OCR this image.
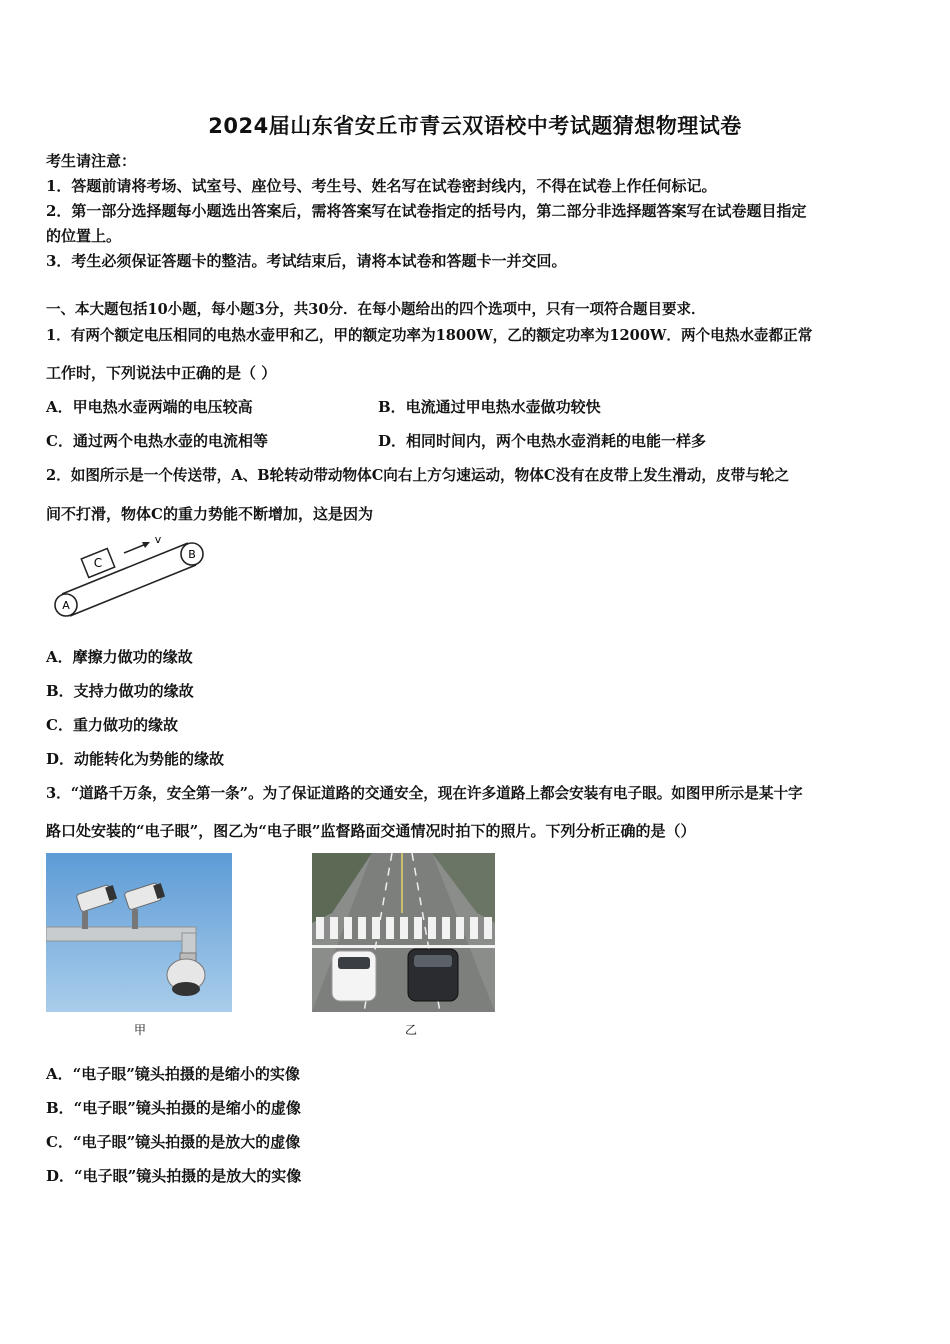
2024届山东省安丘市青云双语校中考试题猜想物理试卷
考生请注意：
1．答题前请将考场、试室号、座位号、考生号、姓名写在试卷密封线内，不得在试卷上作任何标记。
2．第一部分选择题每小题选出答案后，需将答案写在试卷指定的括号内，第二部分非选择题答案写在试卷题目指定
的位置上。
3．考生必须保证答题卡的整洁。考试结束后，请将本试卷和答题卡一并交回。
一、本大题包括10小题，每小题3分，共30分．在每小题给出的四个选项中，只有一项符合题目要求．
1．有两个额定电压相同的电热水壶甲和乙，甲的额定功率为1800W，乙的额定功率为1200W．两个电热水壶都正常
工作时，下列说法中正确的是（ ）
A．甲电热水壶两端的电压较高	B．电流通过甲电热水壶做功较快
C．通过两个电热水壶的电流相等	D．相同时间内，两个电热水壶消耗的电能一样多
2．如图所示是一个传送带，A、B轮转动带动物体C向右上方匀速运动，物体C没有在皮带上发生滑动，皮带与轮之
间不打滑，物体C的重力势能不断增加，这是因为
A
B
C
v
A．摩擦力做功的缘故
B．支持力做功的缘故
C．重力做功的缘故
D．动能转化为势能的缘故
3．“道路千万条，安全第一条”。为了保证道路的交通安全，现在许多道路上都会安装有电子眼。如图甲所示是某十字
路口处安装的“电子眼”，图乙为“电子眼”监督路面交通情况时拍下的照片。下列分析正确的是（）
甲	乙
A．“电子眼”镜头拍摄的是缩小的实像
B．“电子眼”镜头拍摄的是缩小的虚像
C．“电子眼”镜头拍摄的是放大的虚像
D．“电子眼”镜头拍摄的是放大的实像
